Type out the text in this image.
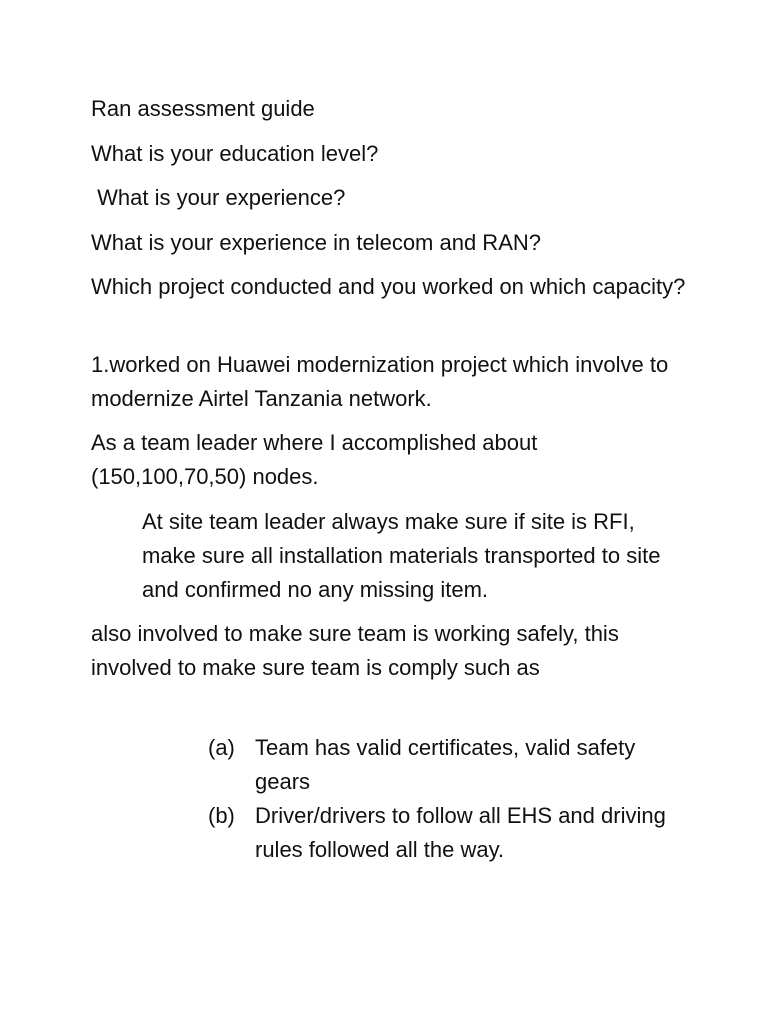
Ran assessment guide
What is your education level?
What is your experience?
What is your experience in telecom and RAN?
Which project conducted and you worked on which capacity?
1.worked on Huawei modernization project which involve to modernize Airtel Tanzania network.
As a team leader where I accomplished about (150,100,70,50) nodes.
At site team leader always make sure if site is RFI, make sure all installation materials transported to site and confirmed no any missing item.
also involved to make sure team is working safely, this involved to make sure team is comply such as
(a) Team has valid certificates, valid safety gears
(b) Driver/drivers to follow all EHS and driving rules followed all the way.
